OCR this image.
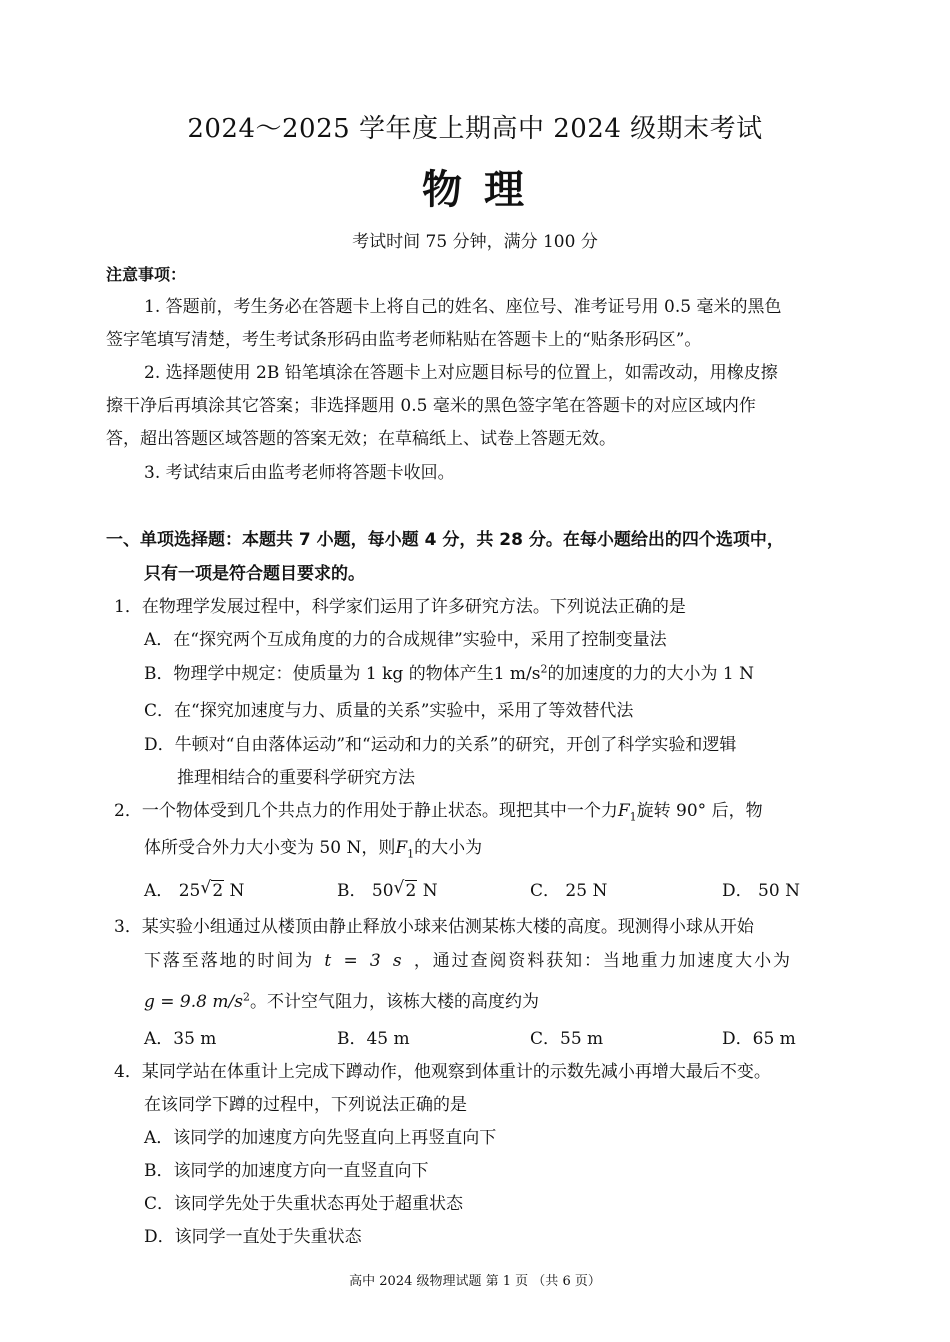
2024～2025 学年度上期高中 2024 级期末考试
物 理
考试时间 75 分钟，满分 100 分
注意事项：
1. 答题前，考生务必在答题卡上将自己的姓名、座位号、准考证号用 0.5 毫米的黑色
签字笔填写清楚，考生考试条形码由监考老师粘贴在答题卡上的“贴条形码区”。
2. 选择题使用 2B 铅笔填涂在答题卡上对应题目标号的位置上，如需改动，用橡皮擦
擦干净后再填涂其它答案；非选择题用 0.5 毫米的黑色签字笔在答题卡的对应区域内作
答，超出答题区域答题的答案无效；在草稿纸上、试卷上答题无效。
3. 考试结束后由监考老师将答题卡收回。
一、单项选择题：本题共 7 小题，每小题 4 分，共 28 分。在每小题给出的四个选项中，
只有一项是符合题目要求的。
1．在物理学发展过程中，科学家们运用了许多研究方法。下列说法正确的是
A．在“探究两个互成角度的力的合成规律”实验中，采用了控制变量法
B．物理学中规定：使质量为 1 kg 的物体产生1 $m/s^2$的加速度的力的大小为 1 N
C．在“探究加速度与力、质量的关系”实验中，采用了等效替代法
D．牛顿对“自由落体运动”和“运动和力的关系”的研究，开创了科学实验和逻辑
推理相结合的重要科学研究方法
2．一个物体受到几个共点力的作用处于静止状态。现把其中一个力$F_1$旋转 90° 后，物
体所受合外力大小变为 50 N，则$F_1$的大小为
A． 25 √ 2 N	B． 50 √ 2 N	C． 25 N	D． 50 N
3．某实验小组通过从楼顶由静止释放小球来估测某栋大楼的高度。现测得小球从开始
下落至落地的时间为 t = 3 s ，通过查阅资料获知：当地重力加速度大小为
g = 9.8 $m/s^2$。不计空气阻力，该栋大楼的高度约为
A．35 m	B．45 m	C．55 m	D．65 m
4．某同学站在体重计上完成下蹲动作，他观察到体重计的示数先减小再增大最后不变。
在该同学下蹲的过程中，下列说法正确的是
A．该同学的加速度方向先竖直向上再竖直向下
B．该同学的加速度方向一直竖直向下
C．该同学先处于失重状态再处于超重状态
D．该同学一直处于失重状态
高中 2024 级物理试题 第 1 页 （共 6 页）
